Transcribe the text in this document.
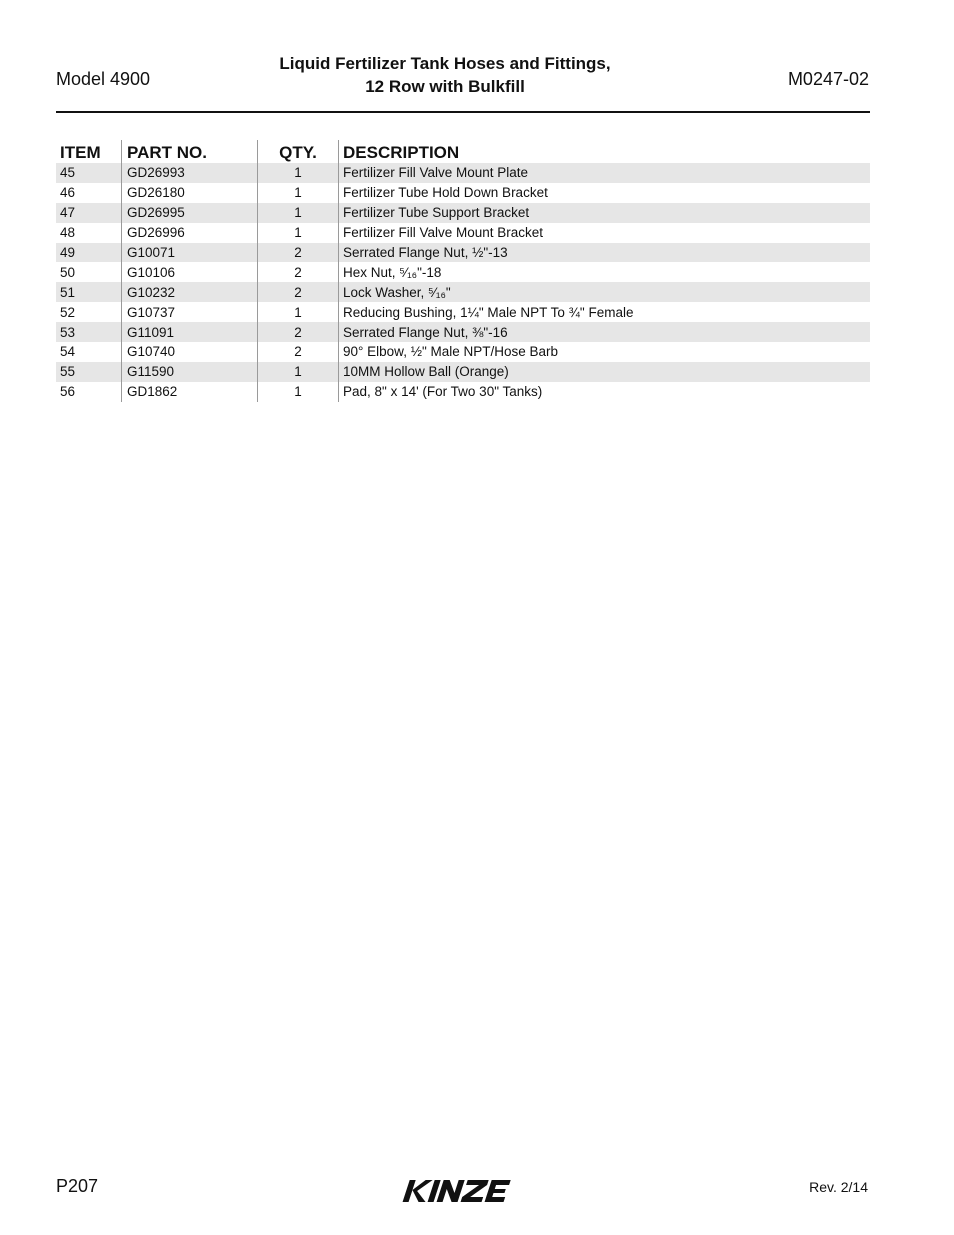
Model 4900
Liquid Fertilizer Tank Hoses and Fittings,
12 Row with Bulkfill	M0247-02
ITEM	PART NO.	QTY.	DESCRIPTION
45	GD26993	1	Fertilizer Fill Valve Mount Plate
46	GD26180	1	Fertilizer Tube Hold Down Bracket
47	GD26995	1	Fertilizer Tube Support Bracket
48	GD26996	1	Fertilizer Fill Valve Mount Bracket
49	G10071	2	Serrated Flange Nut, ½"-13
50	G10106	2	Hex Nut, ⁵⁄₁₆"-18
51	G10232	2	Lock Washer, ⁵⁄₁₆"
52	G10737	1	Reducing Bushing, 1¼" Male NPT To ¾" Female
53	G11091	2	Serrated Flange Nut, ⅜"-16
54	G10740	2	90° Elbow, ½" Male NPT/Hose Barb
55	G11590	1	10MM Hollow Ball (Orange)
56	GD1862	1	Pad, 8" x 14' (For Two 30" Tanks)
P207	Rev. 2/14
